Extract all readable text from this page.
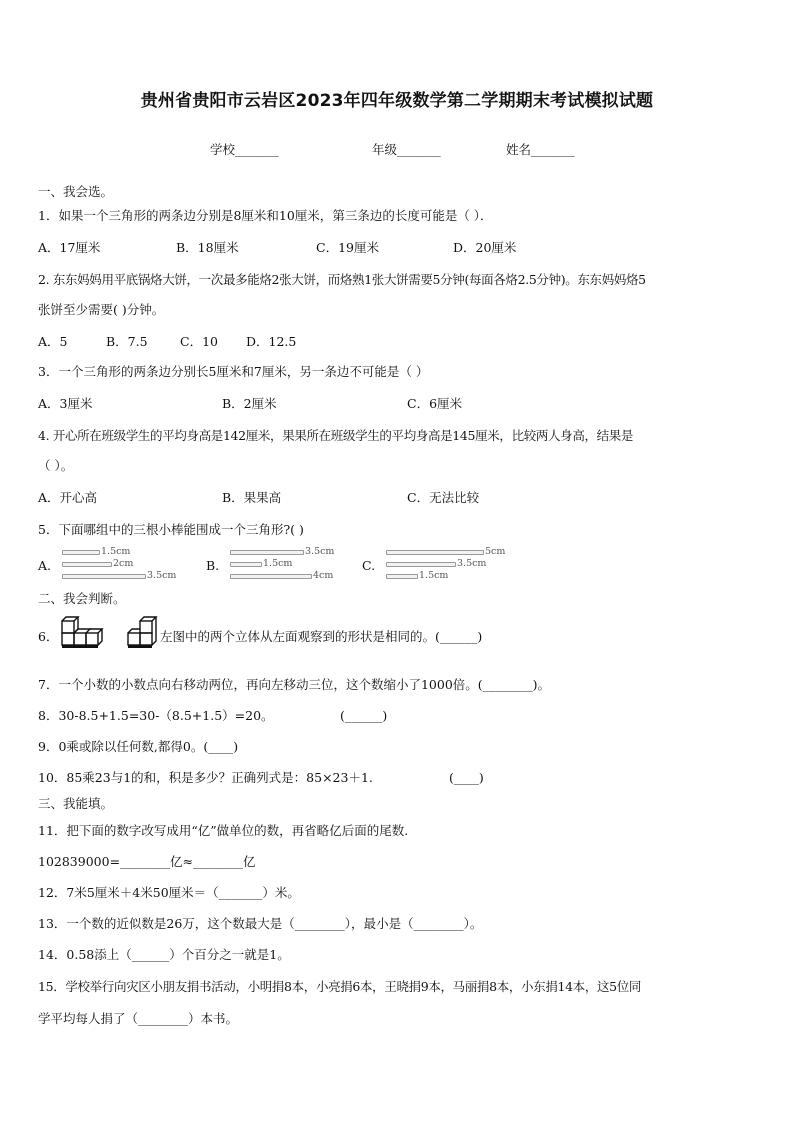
贵州省贵阳市云岩区2023年四年级数学第二学期期末考试模拟试题
学校_______	年级_______	姓名_______
一、我会选。
1．如果一个三角形的两条边分别是8厘米和10厘米，第三条边的长度可能是（ ）．
A．17厘米	B．18厘米	C．19厘米	D．20厘米
2. 东东妈妈用平底锅烙大饼，一次最多能烙2张大饼，而烙熟1张大饼需要5分钟(每面各烙2.5分钟)。东东妈妈烙5
张饼至少需要( )分钟。
A．5	B．7.5	C．10 D．12.5
3．一个三角形的两条边分别长5厘米和7厘米，另一条边不可能是（ ）
A．3厘米	B．2厘米	C．6厘米
4. 开心所在班级学生的平均身高是142厘米，果果所在班级学生的平均身高是145厘米，比较两人身高，结果是
（ ）。
A．开心高	B．果果高	C．无法比较
5．下面哪组中的三根小棒能围成一个三角形?( )
A.
1.5cm
2cm
3.5cm
B.
3.5cm
1.5cm
4cm
C.
5cm
3.5cm
1.5cm
二、我会判断。
6．	左图中的两个立体从左面观察到的形状是相同的。(______)
7．一个小数的小数点向右移动两位，再向左移动三位，这个数缩小了1000倍。(________)。
8．30-8.5+1.5=30-（8.5+1.5）=20。	(______)
9．0乘或除以任何数,都得0。(____)
10．85乘23与1的和，积是多少？正确列式是：85×23＋1.	(____)
三、我能填。
11．把下面的数字改写成用“亿”做单位的数，再省略亿后面的尾数.
102839000=________亿≈________亿
12．7米5厘米＋4米50厘米＝（_______）米。
13．一个数的近似数是26万，这个数最大是（________），最小是（________）。
14．0.58添上（______）个百分之一就是1。
15．学校举行向灾区小朋友捐书活动，小明捐8本，小亮捐6本，王晓捐9本，马丽捐8本，小东捐14本，这5位同
学平均每人捐了（________）本书。
